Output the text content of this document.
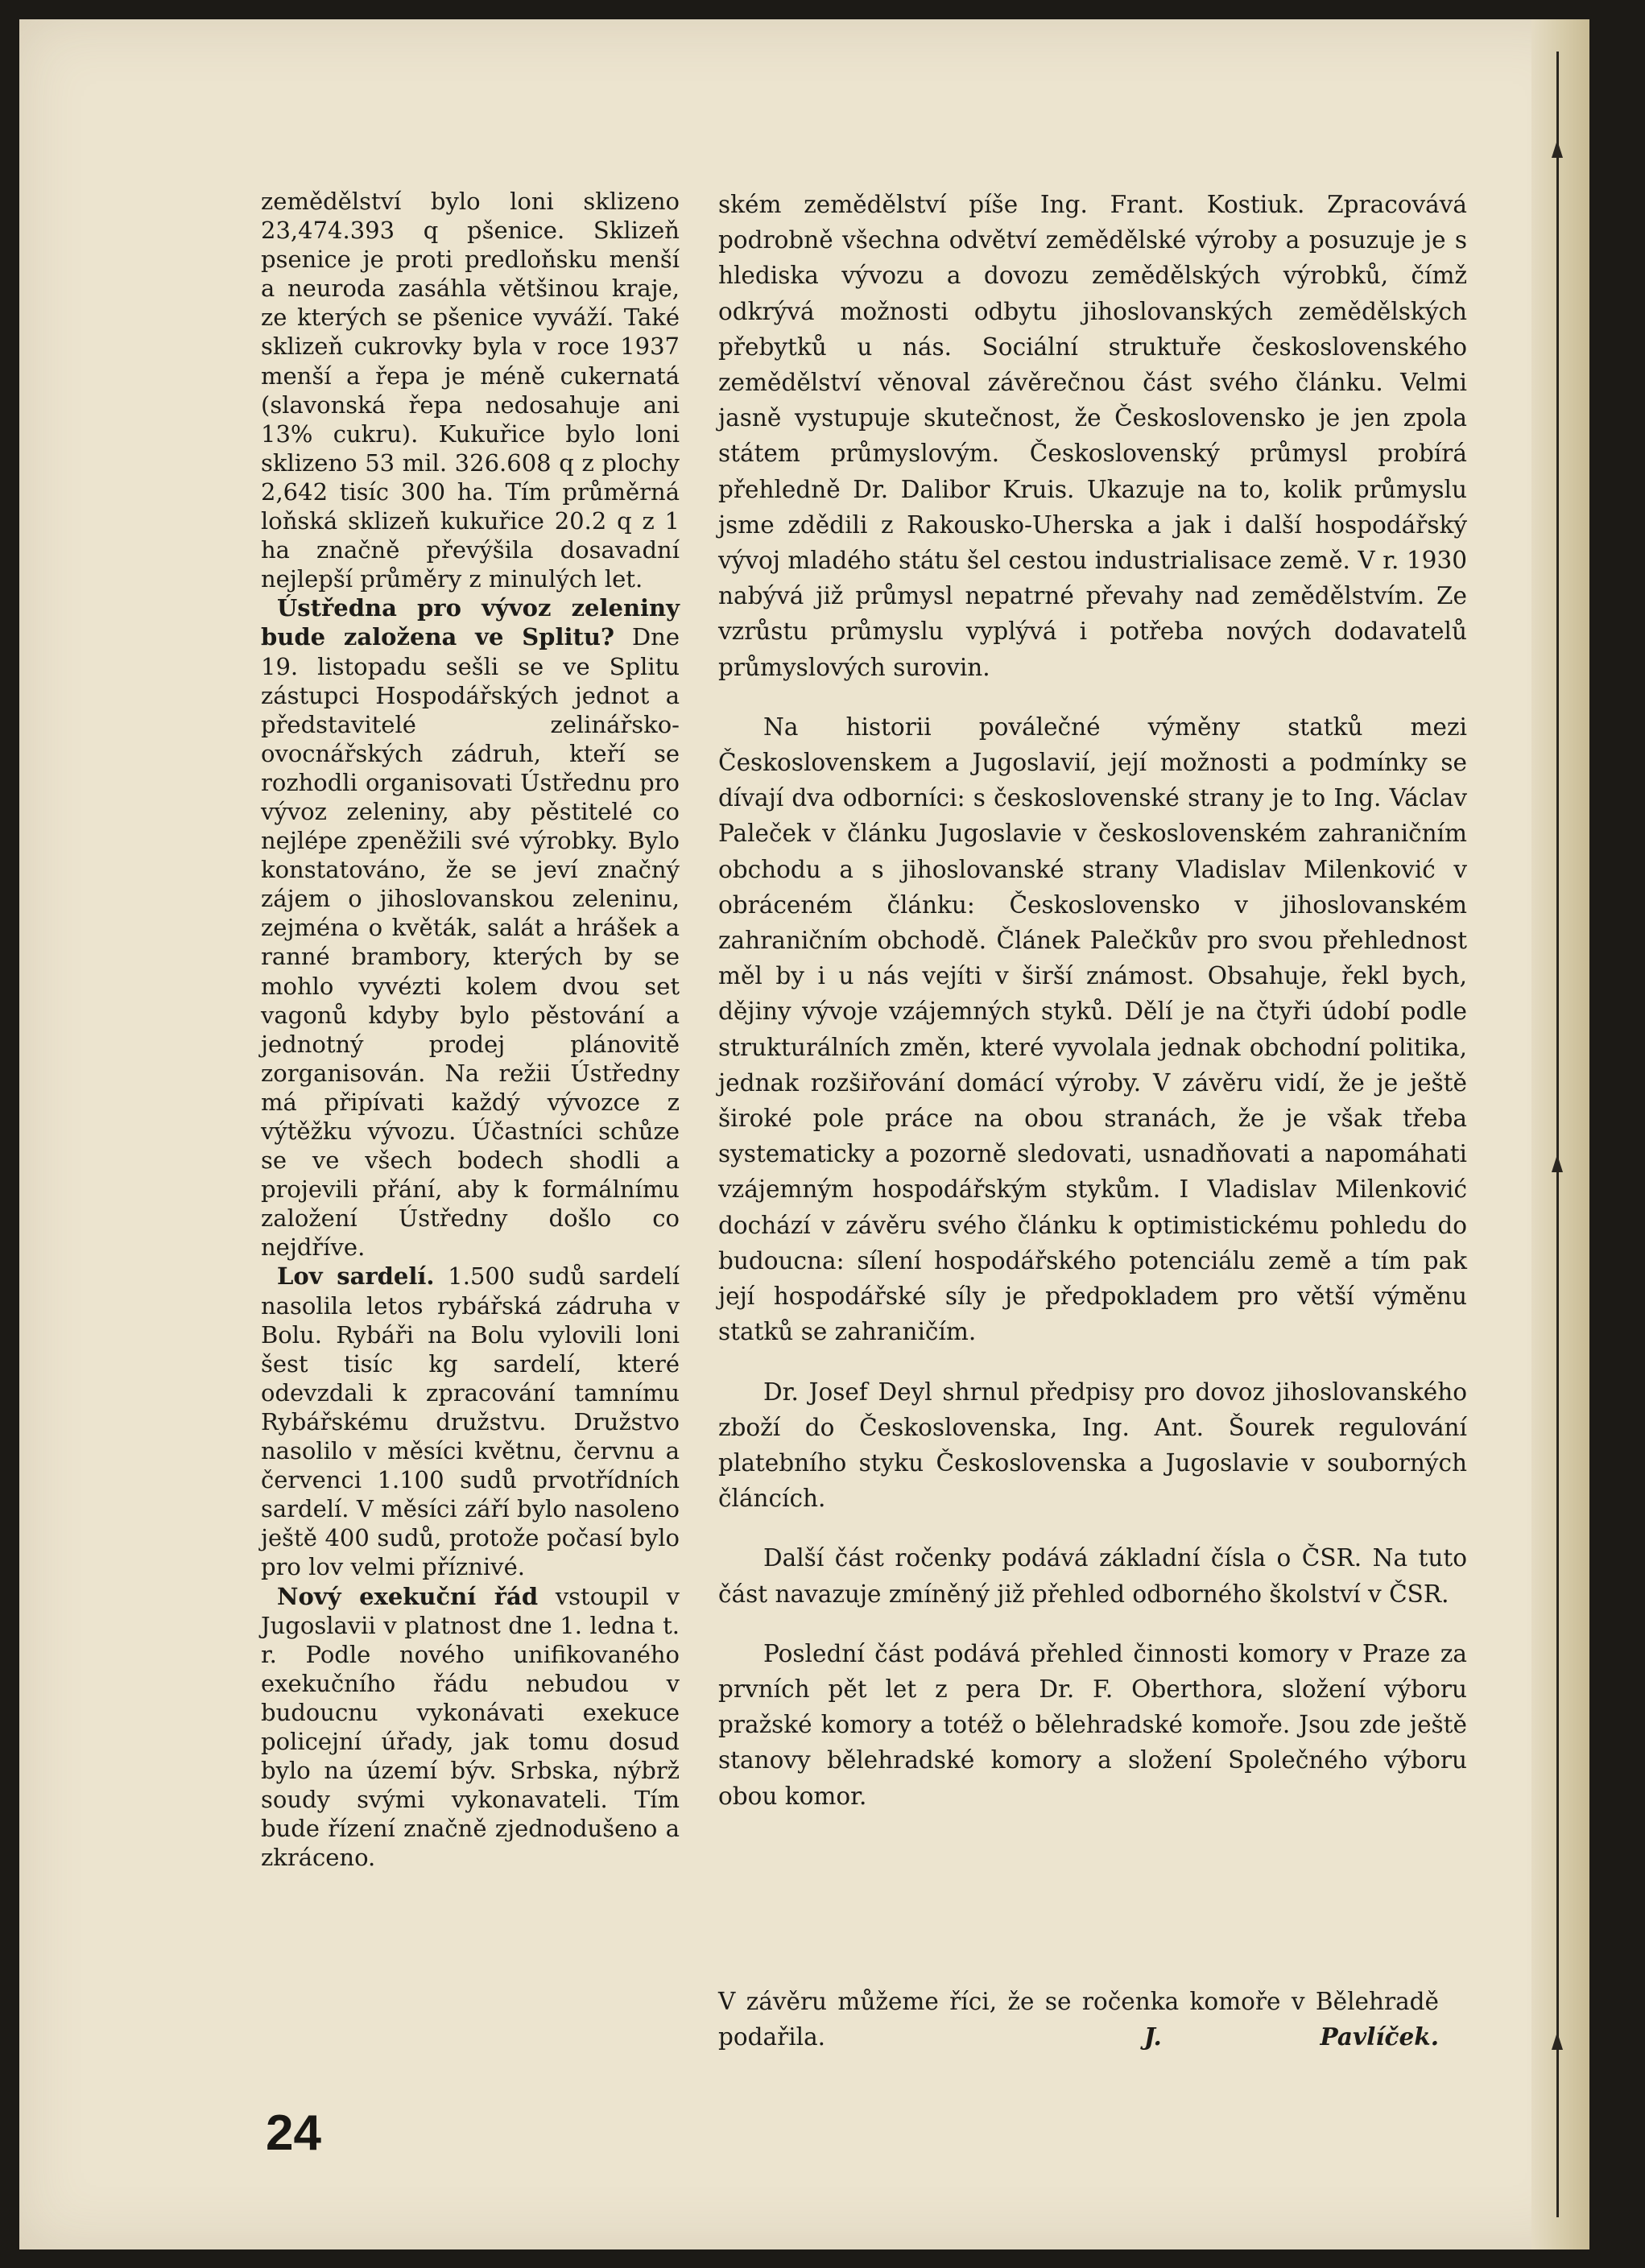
zemědělství bylo loni sklizeno 23,474.393 q pšenice. Sklizeň psenice je proti predloňsku menší a neuroda zasáhla většinou kraje, ze kterých se pšenice vyváží. Také sklizeň cukrovky byla v roce 1937 menší a řepa je méně cukernatá (slavonská řepa nedosahuje ani 13% cukru). Kukuřice bylo loni sklizeno 53 mil. 326.608 q z plochy 2,642 tisíc 300 ha. Tím průměrná loňská sklizeň kukuřice 20.2 q z 1 ha značně převýšila dosavadní nejlepší průměry z minulých let.

Ústředna pro vývoz zeleniny bude založena ve Splitu? Dne 19. listopadu sešli se ve Splitu zástupci Hospodářských jednot a představitelé zelinářsko-ovocnářských zádruh, kteří se rozhodli organisovati Ústřednu pro vývoz zeleniny, aby pěstitelé co nejlépe zpeněžili své výrobky. Bylo konstatováno, že se jeví značný zájem o jihoslovanskou zeleninu, zejména o květák, salát a hrášek a ranné brambory, kterých by se mohlo vyvézti kolem dvou set vagonů kdyby bylo pěstování a jednotný prodej plánovitě zorganisován. Na režii Ústředny má připívati každý vývozce z výtěžku vývozu. Účastníci schůze se ve všech bodech shodli a projevili přání, aby k formálnímu založení Ústředny došlo co nejdříve.

Lov sardelí. 1.500 sudů sardelí nasolila letos rybářská zádruha v Bolu. Rybáři na Bolu vylovili loni šest tisíc kg sardelí, které odevzdali k zpracování tamnímu Rybářskému družstvu. Družstvo nasolilo v měsíci květnu, červnu a červenci 1.100 sudů prvotřídních sardelí. V měsíci září bylo nasoleno ještě 400 sudů, protože počasí bylo pro lov velmi příznivé.

Nový exekuční řád vstoupil v Jugoslavii v platnost dne 1. ledna t. r. Podle nového unifikovaného exekučního řádu nebudou v budoucnu vykonávati exekuce policejní úřady, jak tomu dosud bylo na území býv. Srbska, nýbrž soudy svými vykonavateli. Tím bude řízení značně zjednodušeno a zkráceno.

ském zemědělství píše Ing. Frant. Kostiuk. Zpracovává podrobně všechna odvětví zemědělské výroby a posuzuje je s hlediska vývozu a dovozu zemědělských výrobků, čímž odkrývá možnosti odbytu jihoslovanských zemědělských přebytků u nás. Sociální struktuře československého zemědělství věnoval závěrečnou část svého článku. Velmi jasně vystupuje skutečnost, že Československo je jen zpola státem průmyslovým. Československý průmysl probírá přehledně Dr. Dalibor Kruis. Ukazuje na to, kolik průmyslu jsme zdědili z Rakousko-Uherska a jak i další hospodářský vývoj mladého státu šel cestou industrialisace země. V r. 1930 nabývá již průmysl nepatrné převahy nad zemědělstvím. Ze vzrůstu průmyslu vyplývá i potřeba nových dodavatelů průmyslových surovin.

Na historii poválečné výměny statků mezi Československem a Jugoslavií, její možnosti a podmínky se dívají dva odborníci: s československé strany je to Ing. Václav Paleček v článku Jugoslavie v československém zahraničním obchodu a s jihoslovanské strany Vladislav Milenković v obráceném článku: Československo v jihoslovanském zahraničním obchodě. Článek Palečkův pro svou přehlednost měl by i u nás vejíti v širší známost. Obsahuje, řekl bych, dějiny vývoje vzájemných styků. Dělí je na čtyři údobí podle strukturálních změn, které vyvolala jednak obchodní politika, jednak rozšiřování domácí výroby. V závěru vidí, že je ještě široké pole práce na obou stranách, že je však třeba systematicky a pozorně sledovati, usnadňovati a napomáhati vzájemným hospodářským stykům. I Vladislav Milenković dochází v závěru svého článku k optimistickému pohledu do budoucna: sílení hospodářského potenciálu země a tím pak její hospodářské síly je předpokladem pro větší výměnu statků se zahraničím.

Dr. Josef Deyl shrnul předpisy pro dovoz jihoslovanského zboží do Československa, Ing. Ant. Šourek regulování platebního styku Československa a Jugoslavie v souborných článcích.

Další část ročenky podává základní čísla o ČSR. Na tuto část navazuje zmíněný již přehled odborného školství v ČSR.

Poslední část podává přehled činnosti komory v Praze za prvních pět let z pera Dr. F. Oberthora, složení výboru pražské komory a totéž o bělehradské komoře. Jsou zde ještě stanovy bělehradské komory a složení Společného výboru obou komor.

V závěru můžeme říci, že se ročenka komoře v Bělehradě podařila.	J. Pavlíček.
24
